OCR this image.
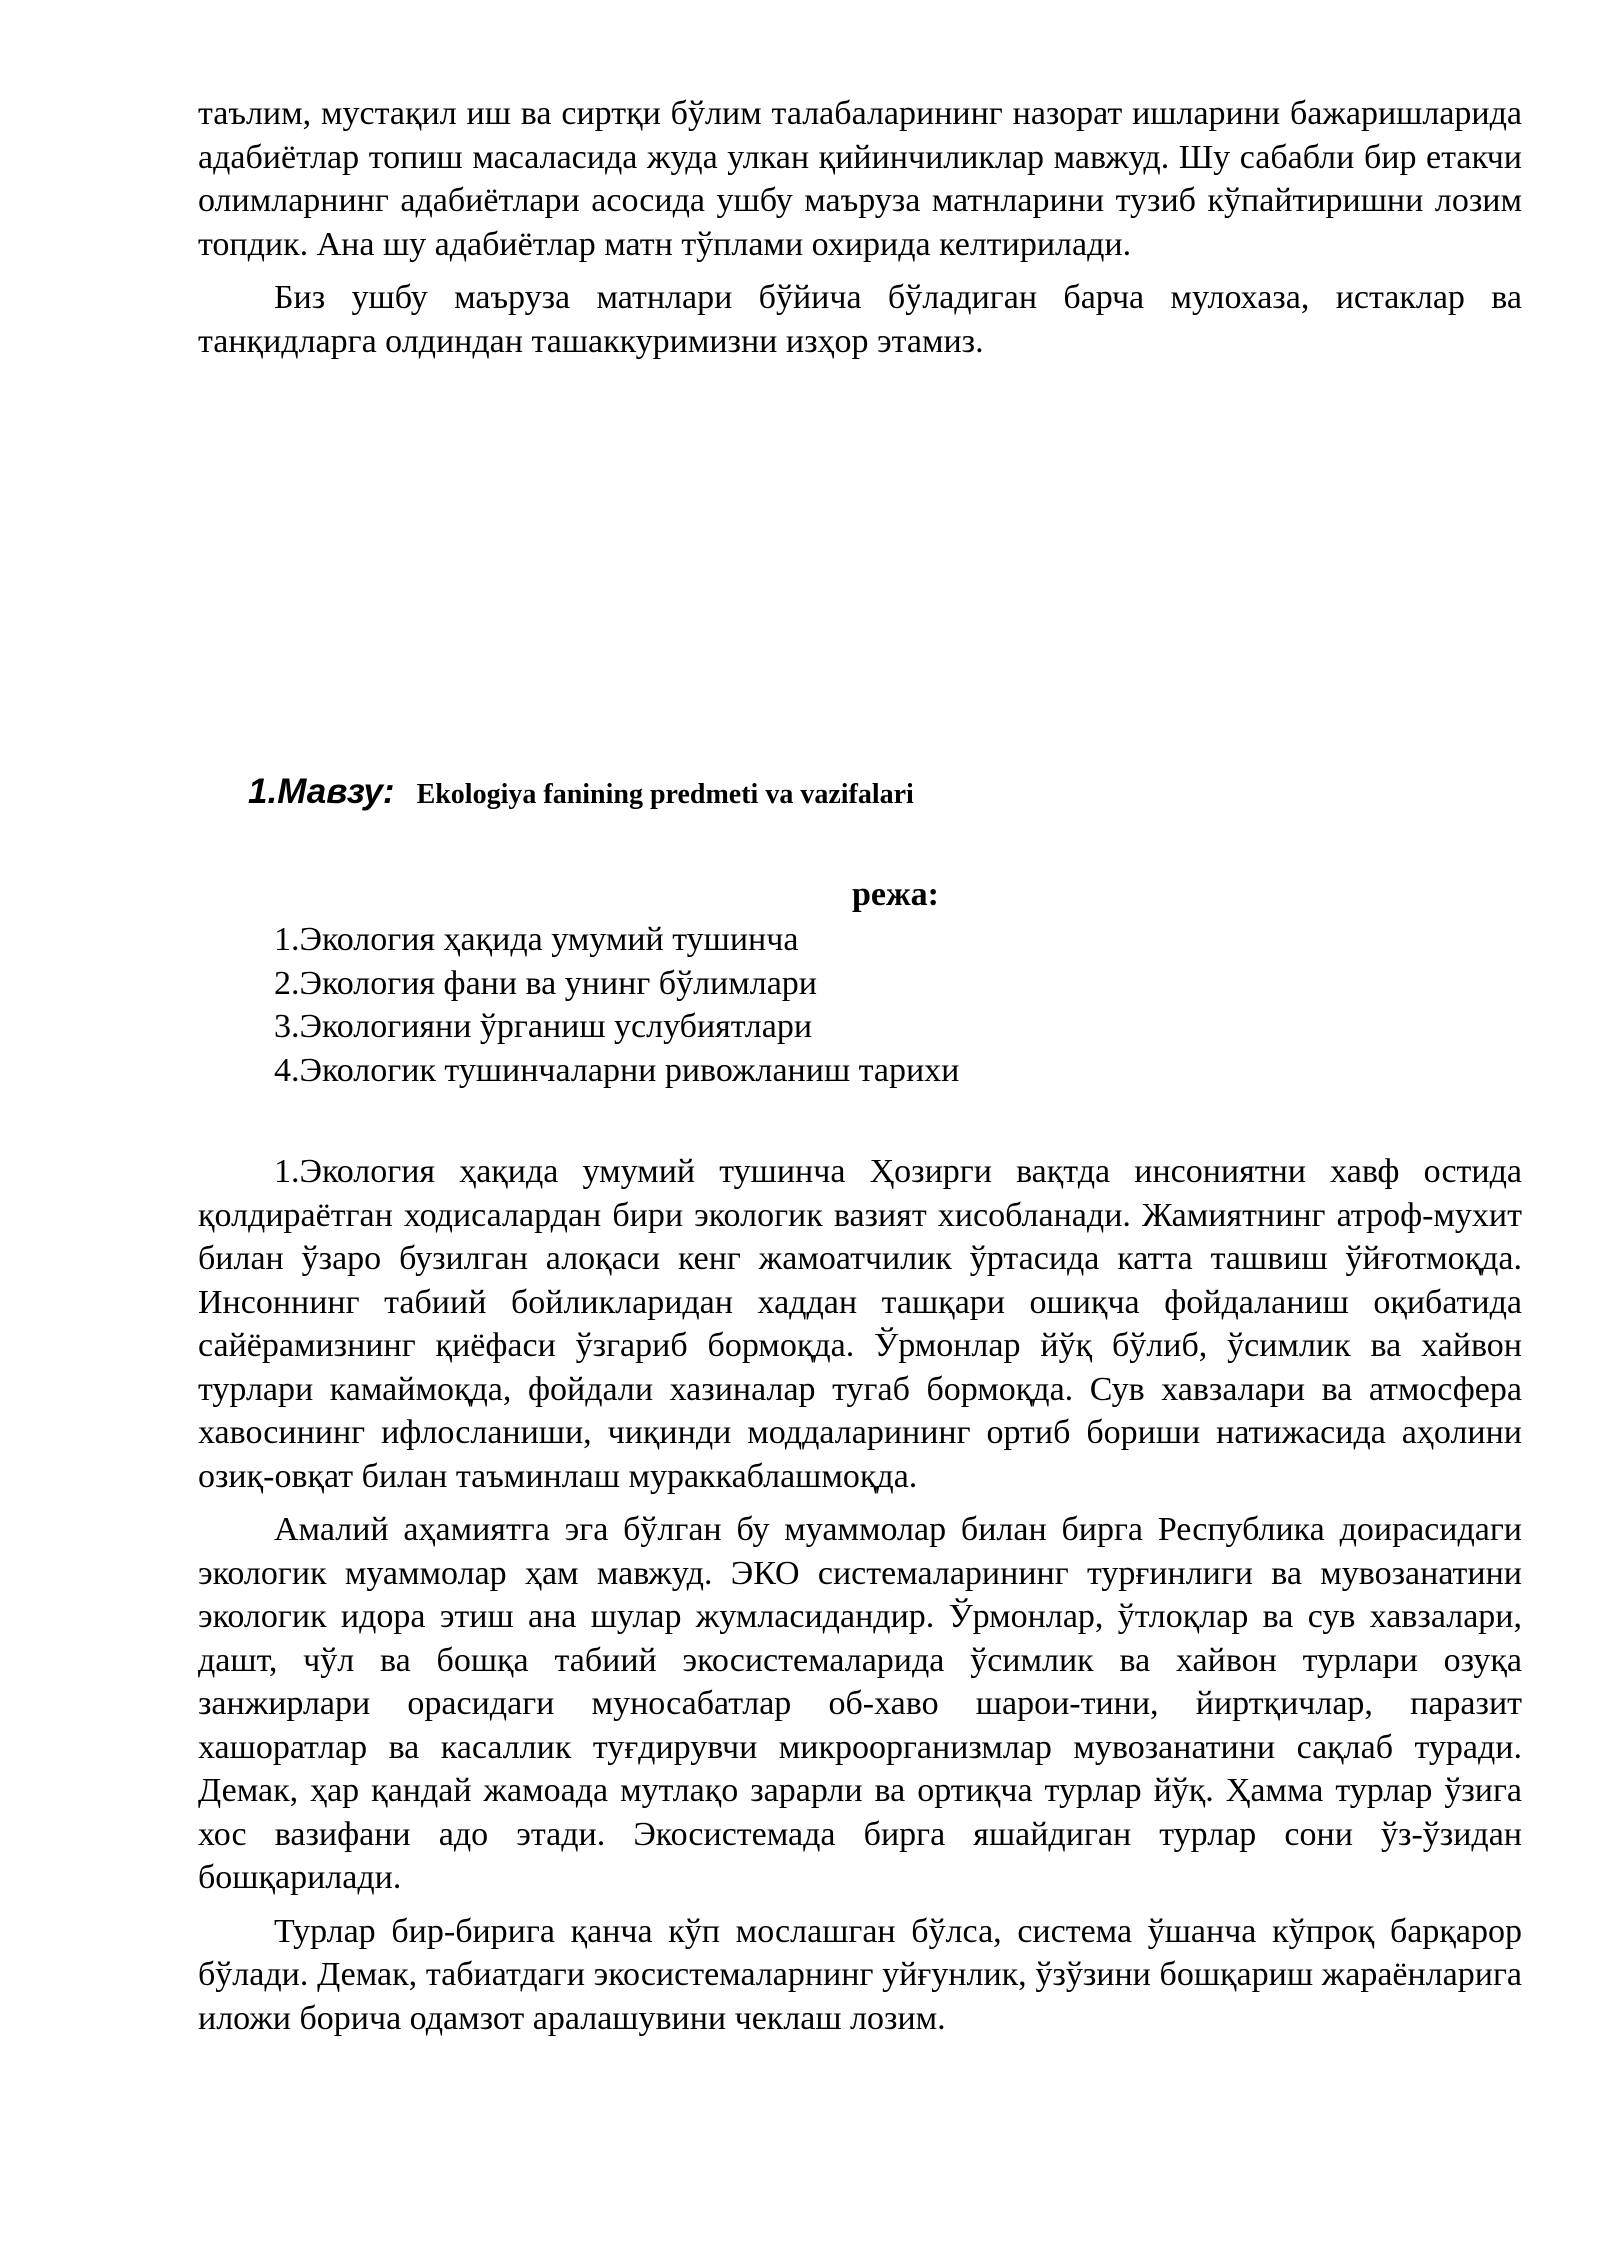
таълим, мустақил иш ва сиртқи бўлим талабаларининг назорат ишларини бажаришларида адабиётлар топиш масаласида жуда улкан қийинчиликлар мавжуд. Шу сабабли бир етакчи олимларнинг адабиётлари асосида ушбу маъруза матнларини тузиб кўпайтиришни лозим топдик. Ана шу адабиётлар матн тўплами охирида келтирилади.

Биз ушбу маъруза матнлари бўйича бўладиган барча мулохаза, истаклар ва танқидларга олдиндан ташаккуримизни изҳор этамиз.

1.Мавзу: Ekologiya fanining predmeti va vazifalari
режа:
1.Экология ҳақида умумий тушинча
2.Экология фани ва унинг бўлимлари
3.Экологияни ўрганиш услубиятлари
4.Экологик тушинчаларни ривожланиш тарихи

1.Экология ҳақида умумий тушинча Ҳозирги вақтда инсониятни хавф остида қолдираётган ходисалардан бири экологик вазият хисобланади. Жамиятнинг атроф-мухит билан ўзаро бузилган алоқаси кенг жамоатчилик ўртасида катта ташвиш ўйғотмоқда. Инсоннинг табиий бойликларидан хаддан ташқари ошиқча фойдаланиш оқибатида сайёрамизнинг қиёфаси ўзгариб бормоқда. Ўрмонлар йўқ бўлиб, ўсимлик ва хайвон турлари камаймоқда, фойдали хазиналар тугаб бормоқда. Сув хавзалари ва атмосфера хавосининг ифлосланиши, чиқинди моддаларининг ортиб бориши натижасида аҳолини озиқ-овқат билан таъминлаш мураккаблашмоқда.

Амалий аҳамиятга эга бўлган бу муаммолар билан бирга Республика доирасидаги экологик муаммолар ҳам мавжуд. ЭКО системаларининг турғинлиги ва мувозанатини экологик идора этиш ана шулар жумласидандир. Ўрмонлар, ўтлоқлар ва сув хавзалари, дашт, чўл ва бошқа табиий экосистемаларида ўсимлик ва хайвон турлари озуқа занжирлари орасидаги муносабатлар об-хаво шарои-тини, йиртқичлар, паразит хашоратлар ва касаллик туғдирувчи микроорганизмлар мувозанатини сақлаб туради. Демак, ҳар қандай жамоада мутлақо зарарли ва ортиқча турлар йўқ. Ҳамма турлар ўзига хос вазифани адо этади. Экосистемада бирга яшайдиган турлар сони ўз-ўзидан бошқарилади.

Турлар бир-бирига қанча кўп мослашган бўлса, система ўшанча кўпроқ барқарор бўлади. Демак, табиатдаги экосистемаларнинг уйғунлик, ўзўзини бошқариш жараёнларига иложи борича одамзот аралашувини чеклаш лозим.
